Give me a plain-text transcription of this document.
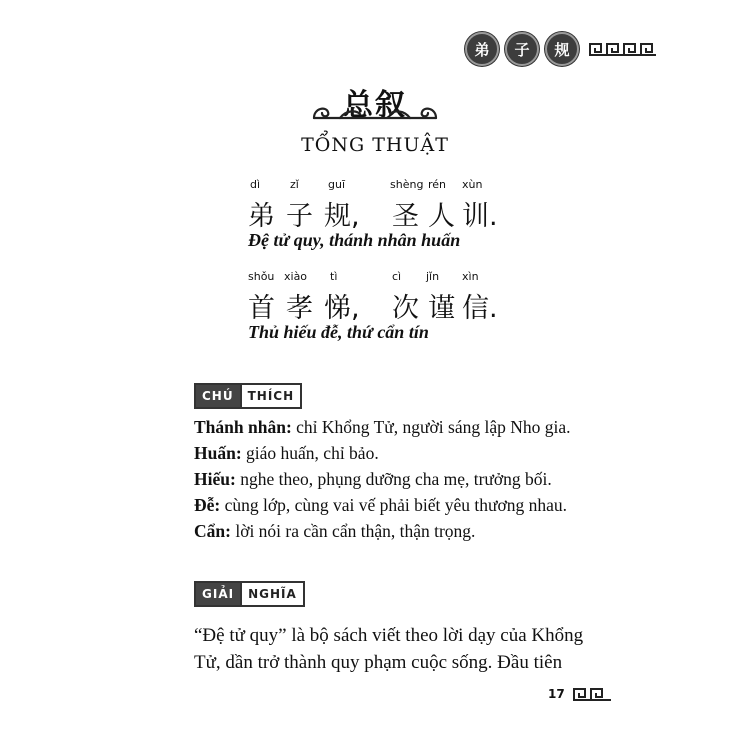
弟	子	规
总叙
TỔNG THUẬT
dì	zǐ	guī	shèng rén xùn
弟 子 规, 圣 人 训.
Đệ tử quy, thánh nhân huấn
shǒu xiào tì	cì jǐn xìn
首 孝 悌, 次 谨 信.
Thủ hiếu đễ, thứ cẩn tín
CHÚ	THÍCH
Thánh nhân: chỉ Khổng Tử, người sáng lập Nho gia.
Huấn: giáo huấn, chỉ bảo.
Hiếu: nghe theo, phụng dưỡng cha mẹ, trưởng bối.
Đễ: cùng lớp, cùng vai vế phải biết yêu thương nhau.
Cẩn: lời nói ra cần cẩn thận, thận trọng.
GIẢI	NGHĨA
“Đệ tử quy” là bộ sách viết theo lời dạy của Khổng Tử, dần trở thành quy phạm cuộc sống. Đầu tiên
17
